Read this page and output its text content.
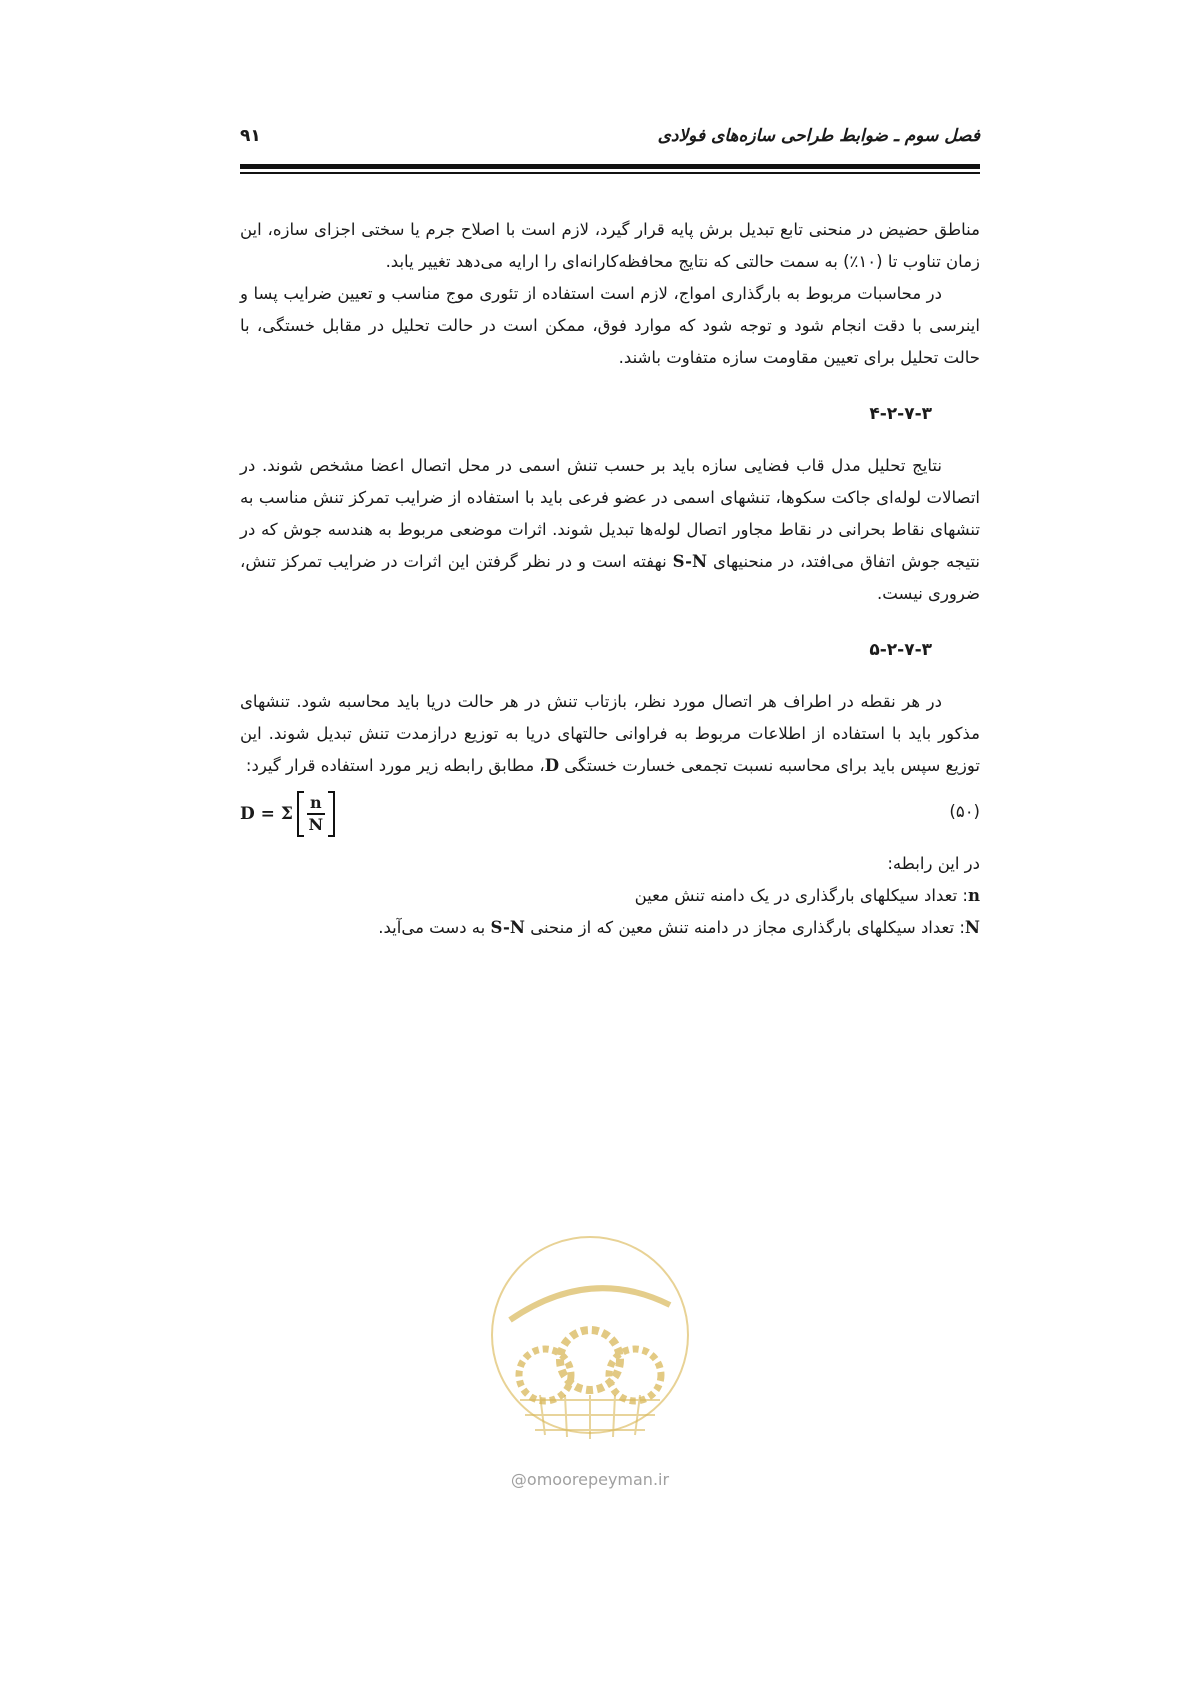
فصل سوم ـ ضوابط طراحی سازه‌های فولادی
۹۱

مناطق حضیض در منحنی تابع تبدیل برش پایه قرار گیرد، لازم است با اصلاح جرم یا سختی اجزای سازه، این زمان تناوب تا (۱۰٪) به سمت حالتی که نتایج محافظه‌کارانه‌ای را ارایه می‌دهد تغییر یابد.

در محاسبات مربوط به بارگذاری امواج، لازم است استفاده از تئوری موج مناسب و تعیین ضرایب پسا و اینرسی با دقت انجام شود و توجه شود که موارد فوق، ممکن است در حالت تحلیل در مقابل خستگی، با حالت تحلیل برای تعیین مقاومت سازه متفاوت باشند.

۴-۲-۷-۳

نتایج تحلیل مدل قاب فضایی سازه باید بر حسب تنش اسمی در محل اتصال اعضا مشخص شوند. در اتصالات لوله‌ای جاکت سکوها، تنشهای اسمی در عضو فرعی باید با استفاده از ضرایب تمرکز تنش مناسب به تنشهای نقاط بحرانی در نقاط مجاور اتصال لوله‌ها تبدیل شوند. اثرات موضعی مربوط به هندسه جوش که در نتیجه جوش اتفاق می‌افتد، در منحنیهای S-N نهفته است و در نظر گرفتن این اثرات در ضرایب تمرکز تنش، ضروری نیست.

۵-۲-۷-۳

در هر نقطه در اطراف هر اتصال مورد نظر، بازتاب تنش در هر حالت دریا باید محاسبه شود. تنشهای مذکور باید با استفاده از اطلاعات مربوط به فراوانی حالتهای دریا به توزیع درازمدت تنش تبدیل شوند. این توزیع سپس باید برای محاسبه نسبت تجمعی خسارت خستگی D، مطابق رابطه زیر مورد استفاده قرار گیرد:

(۵۰)
D = Σ $\frac{n}{N}$

در این رابطه:

n: تعداد سیکلهای بارگذاری در یک دامنه تنش معین

N: تعداد سیکلهای بارگذاری مجاز در دامنه تنش معین که از منحنی S-N به دست می‌آید.

@omoorepeyman.ir
